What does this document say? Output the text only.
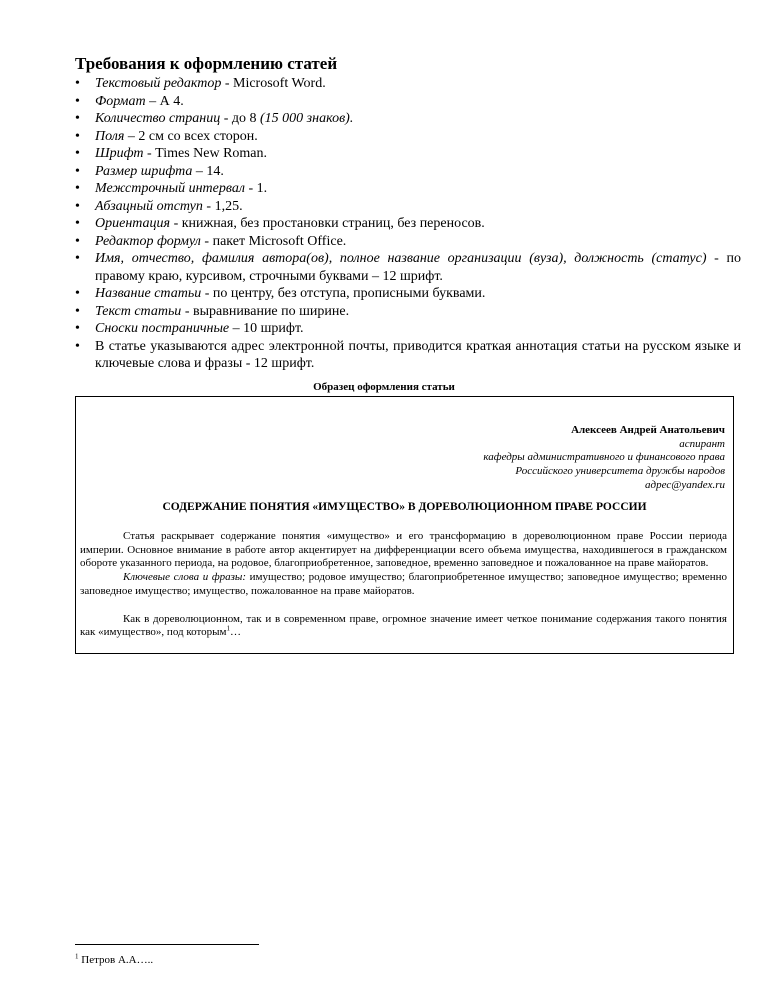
Требования к оформлению статей
• Текстовый редактор - Microsoft Word.
• Формат – А 4.
• Количество страниц - до 8 (15 000 знаков).
• Поля – 2 см со всех сторон.
• Шрифт - Times New Roman.
• Размер шрифта – 14.
• Межстрочный интервал - 1.
• Абзацный отступ - 1,25.
• Ориентация - книжная, без простановки страниц, без переносов.
• Редактор формул - пакет Microsoft Office.
• Имя, отчество, фамилия автора(ов), полное название организации (вуза), должность (статус) - по правому краю, курсивом, строчными буквами – 12 шрифт.
• Название статьи - по центру, без отступа, прописными буквами.
• Текст статьи - выравнивание по ширине.
• Сноски постраничные – 10 шрифт.
• В статье указываются адрес электронной почты, приводится краткая аннотация статьи на русском языке и ключевые слова и фразы - 12 шрифт.
Образец оформления статьи
Алексеев Андрей Анатольевич
аспирант
кафедры административного и финансового права
Российского университета дружбы народов
адрес@yandex.ru
СОДЕРЖАНИЕ ПОНЯТИЯ «ИМУЩЕСТВО» В ДОРЕВОЛЮЦИОННОМ ПРАВЕ РОССИИ

Статья раскрывает содержание понятия «имущество» и его трансформацию в дореволюционном праве России периода империи. Основное внимание в работе автор акцентирует на дифференциации всего объема имущества, находившегося в гражданском обороте указанного периода, на родовое, благоприобретенное, заповедное, временно заповедное и пожалованное на праве майоратов.

Ключевые слова и фразы: имущество; родовое имущество; благоприобретенное имущество; заповедное имущество; временно заповедное имущество; имущество, пожалованное на праве майоратов.

Как в дореволюционном, так и в современном праве, огромное значение имеет четкое понимание содержания такого понятия как «имущество», под которым$^1$…

$^1$ Петров А.А…..
